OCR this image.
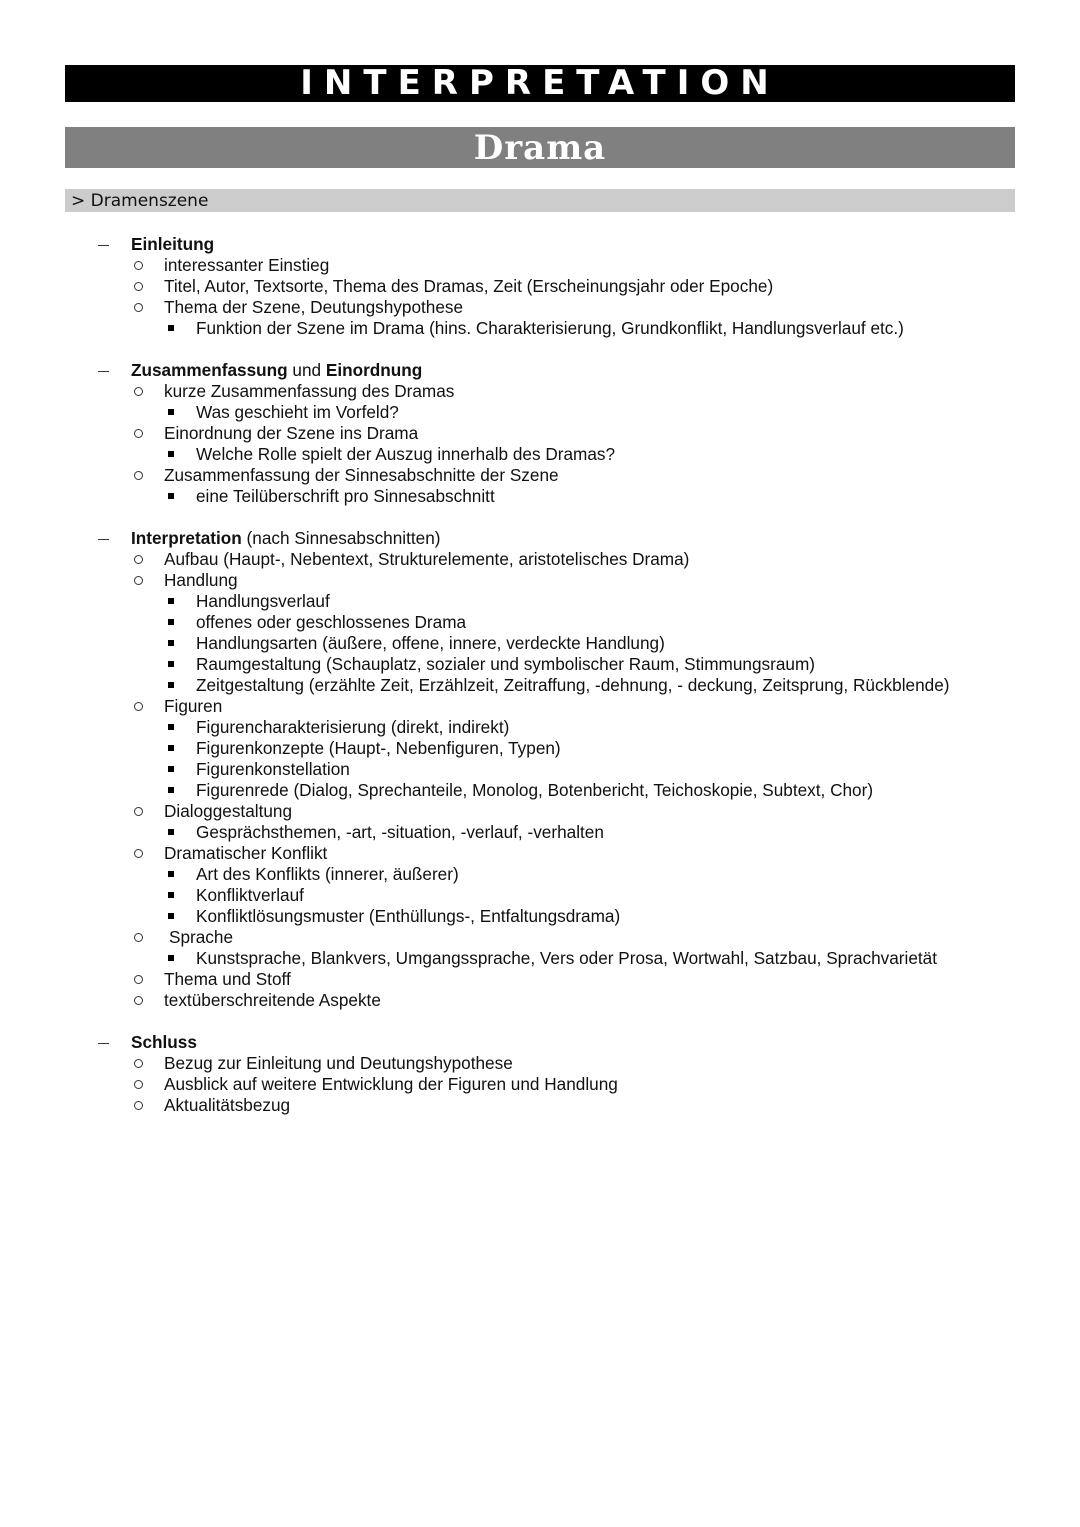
INTERPRETATION
Drama
> Dramenszene
Einleitung
interessanter Einstieg
Titel, Autor, Textsorte, Thema des Dramas, Zeit (Erscheinungsjahr oder Epoche)
Thema der Szene, Deutungshypothese
Funktion der Szene im Drama (hins. Charakterisierung, Grundkonflikt, Handlungsverlauf etc.)
Zusammenfassung und Einordnung
kurze Zusammenfassung des Dramas
Was geschieht im Vorfeld?
Einordnung der Szene ins Drama
Welche Rolle spielt der Auszug innerhalb des Dramas?
Zusammenfassung der Sinnesabschnitte der Szene
eine Teilüberschrift pro Sinnesabschnitt
Interpretation (nach Sinnesabschnitten)
Aufbau (Haupt-, Nebentext, Strukturelemente, aristotelisches Drama)
Handlung
Handlungsverlauf
offenes oder geschlossenes Drama
Handlungsarten (äußere, offene, innere, verdeckte Handlung)
Raumgestaltung (Schauplatz, sozialer und symbolischer Raum, Stimmungsraum)
Zeitgestaltung (erzählte Zeit, Erzählzeit, Zeitraffung, -dehnung, - deckung, Zeitsprung, Rückblende)
Figuren
Figurencharakterisierung (direkt, indirekt)
Figurenkonzepte (Haupt-, Nebenfiguren, Typen)
Figurenkonstellation
Figurenrede (Dialog, Sprechanteile, Monolog, Botenbericht, Teichoskopie, Subtext, Chor)
Dialoggestaltung
Gesprächsthemen, -art, -situation, -verlauf, -verhalten
Dramatischer Konflikt
Art des Konflikts (innerer, äußerer)
Konfliktverlauf
Konfliktlösungsmuster (Enthüllungs-, Entfaltungsdrama)
Sprache
Kunstsprache, Blankvers, Umgangssprache, Vers oder Prosa, Wortwahl, Satzbau, Sprachvarietät
Thema und Stoff
textüberschreitende Aspekte
Schluss
Bezug zur Einleitung und Deutungshypothese
Ausblick auf weitere Entwicklung der Figuren und Handlung
Aktualitätsbezug
